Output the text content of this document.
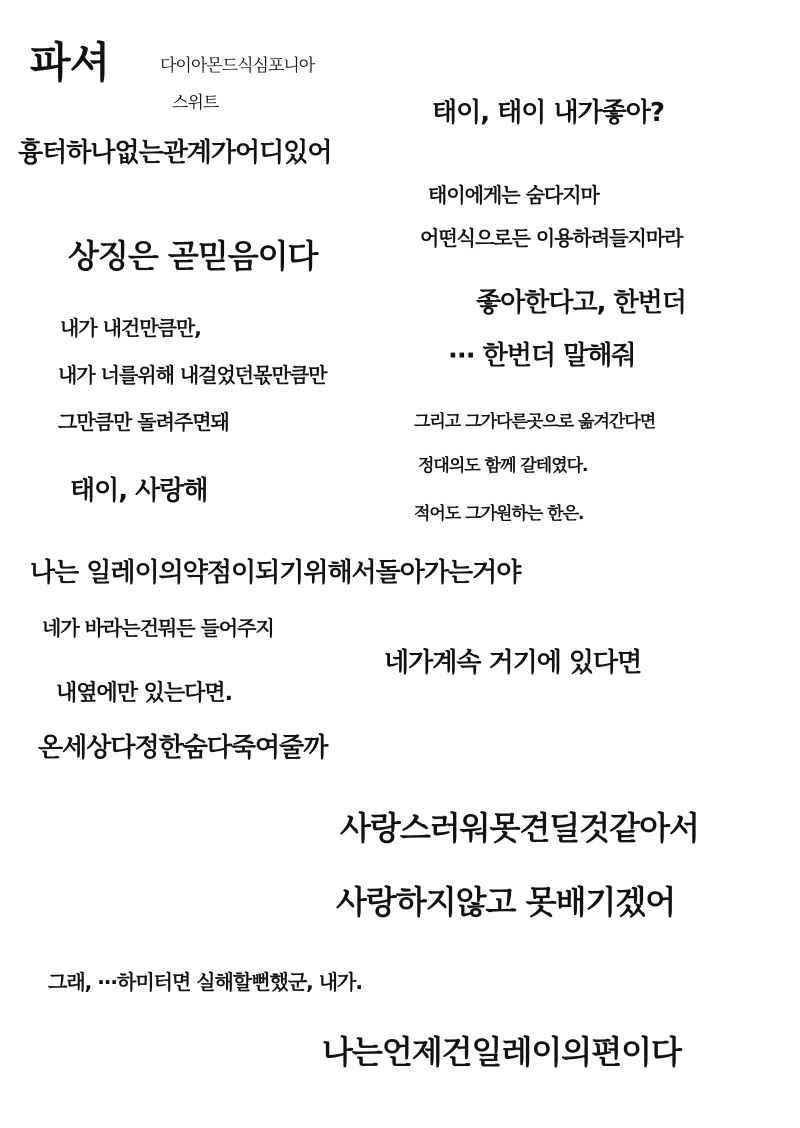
파셔	다이아몬드식심포니아
스위트	태이, 태이 내가좋아?
흉터하나없는관계가어디있어
태이에게는 숨다지마
어떤식으로든 이용하려들지마라
상징은 곧믿음이다
좋아한다고, 한번더
내가 내건만큼만,
··· 한번더 말해줘
내가 너를위해 내걸었던몫만큼만
그만큼만 돌려주면돼	그리고 그가다른곳으로 옮겨간다면
정대의도 함께 갈테였다.
태이, 사랑해
적어도 그가원하는 한은.
나는 일레이의약점이되기위해서돌아가는거야
네가 바라는건뭐든 들어주지
네가계속 거기에 있다면
내옆에만 있는다면.
온세상다정한숨다죽여줄까
사랑스러워못견딜것같아서
사랑하지않고 못배기겠어
그래, ···하미터면 실해할뻔했군, 내가.
나는언제건일레이의편이다
